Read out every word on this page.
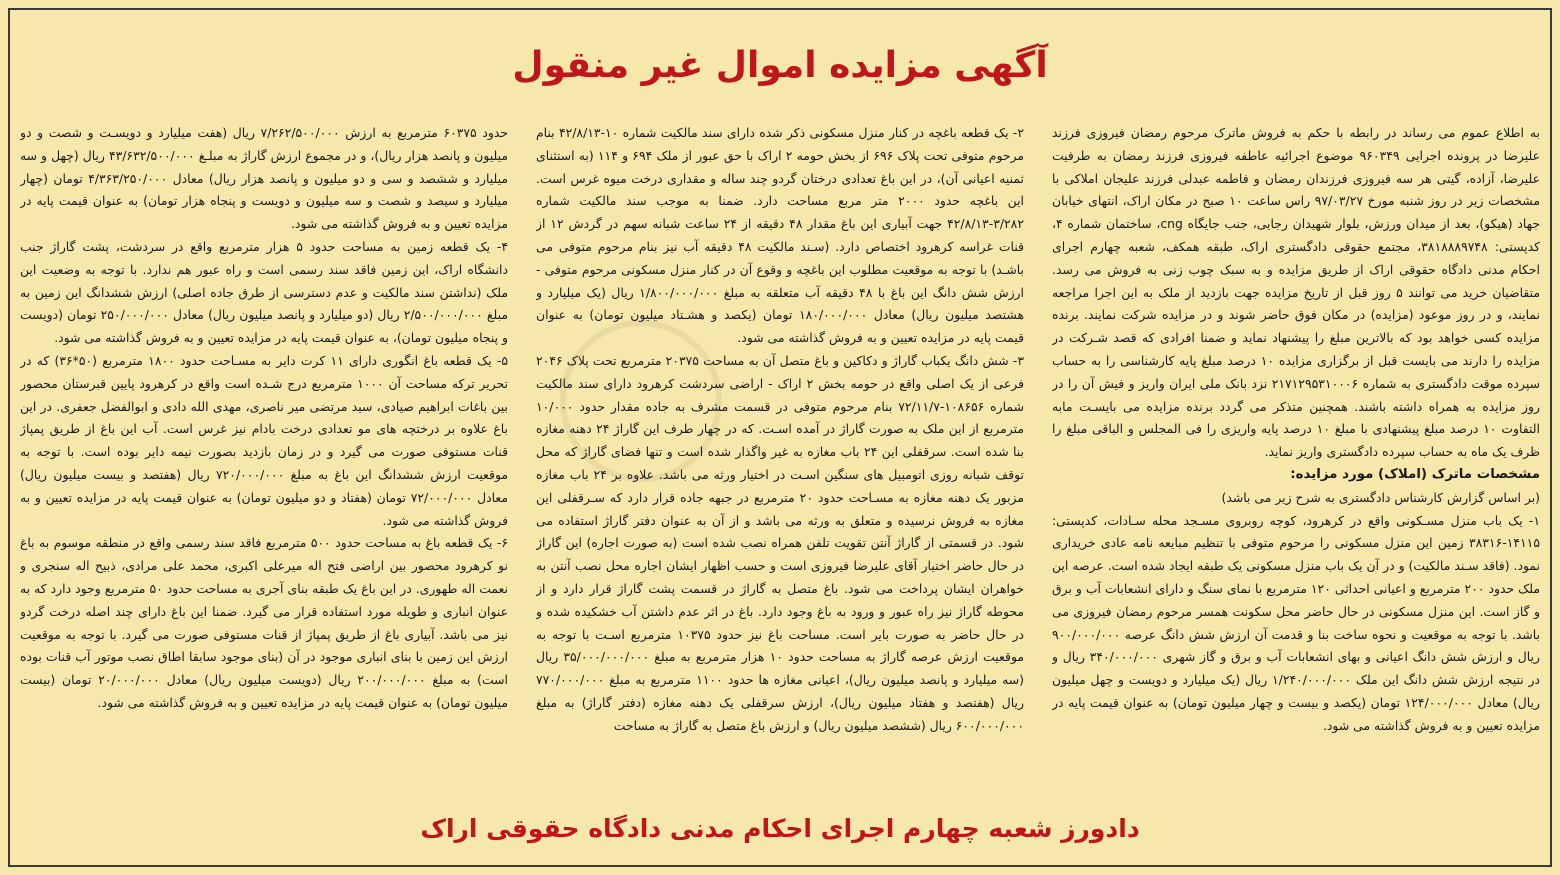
آگهی مزایده اموال غیر منقول

به اطلاع عموم می رساند در رابطه با حکم به فروش ماترک مرحوم رمضان فیروزی فرزند علیرضا در پرونده اجرایی ۹۶۰۳۴۹ موضوع اجرائیه عاطفه فیروزی فرزند رمضان به طرفیت علیرضا، آزاده، گیتی هر سه فیروزی فرزندان رمضان و فاطمه عبدلی فرزند علیجان املاکی با مشخصات زیر در روز شنبه مورخ ۹۷/۰۳/۲۷ راس ساعت ۱۰ صبح در مکان اراک، انتهای خیابان جهاد (هیکو)، بعد از میدان ورزش، بلوار شهیدان رجایی، جنب جایگاه cng، ساختمان شماره ۴، کدپستی: ۳۸۱۸۸۸۹۷۴۸، مجتمع حقوقی دادگستری اراک، طبقه همکف، شعبه چهارم اجرای احکام مدنی دادگاه حقوقی اراک از طریق مزایده و به سبک چوب زنی به فروش می رسد. متقاضیان خرید می توانند ۵ روز قبل از تاریخ مزایده جهت بازدید از ملک به این اجرا مراجعه نمایند، و در روز موعود (مزایده) در مکان فوق حاضر شوند و در مزایده شرکت نمایند. برنده مزایده کسی خواهد بود که بالاترین مبلغ را پیشنهاد نماید و ضمنا افرادی که قصد شـرکت در مزایده را دارند می بایست قبل از برگزاری مزایده ۱۰ درصد مبلغ پایه کارشناسی را به حساب سپرده موقت دادگستری به شماره ۲۱۷۱۲۹۵۳۱۰۰۰۶ نزد بانک ملی ایران واریز و فیش آن را در روز مزایده به همراه داشته باشند. همچنین متذکر می گردد برنده مزایده می بایسـت مابه التفاوت ۱۰ درصد مبلغ پیشنهادی با مبلغ ۱۰ درصد پایه واریزی را فی المجلس و الباقی مبلغ را ظرف یک ماه به حساب سپرده دادگستری واریز نماید.

مشخصات ماترک (املاک) مورد مزایده:

(بر اساس گزارش کارشناس دادگستری به شرح زیر می باشد)

۱- یک باب منزل مسـکونی واقع در کرهرود، کوچه روبروی مسـجد محله سـادات، کدپستی: ۱۴۱۱۵-۳۸۳۱۶ زمین این منزل مسکونی را مرحوم متوفی با تنظیم مبایعه نامه عادی خریداری نمود. (فاقد سـند مالکیت) و در آن یک باب منزل مسکونی یک طبقه ایجاد شده است. عرصه این ملک حدود ۲۰۰ مترمربع و اعیانی احداثی ۱۲۰ مترمربع با نمای سنگ و دارای انشعابات آب و برق و گاز است. این منزل مسکونی در حال حاضر محل سکونت همسر مرحوم رمضان فیروزی می باشد. با توجه به موقعیت و نحوه ساخت بنا و قدمت آن ارزش شش دانگ عرصه ۹۰۰/۰۰۰/۰۰۰ ریال و ارزش شش دانگ اعیانی و بهای انشعابات آب و برق و گاز شهری ۳۴۰/۰۰۰/۰۰۰ ریال و در نتیجه ارزش شش دانگ این ملک ۱/۲۴۰/۰۰۰/۰۰۰ ریال (یک میلیارد و دویست و چهل میلیون ریال) معادل ۱۲۴/۰۰۰/۰۰۰ تومان (یکصد و بیست و چهار میلیون تومان) به عنوان قیمت پایه در مزایده تعیین و به فروش گذاشته می شود.

۲- یک قطعه باغچه در کنار منزل مسکونی ذکر شده دارای سند مالکیت شماره ۱۰-۴۲/۸/۱۳ بنام مرحوم متوفی تحت پلاک ۶۹۶ از بخش حومه ۲ اراک با حق عبور از ملک ۶۹۴ و ۱۱۴ (به استثنای ثمنیه اعیانی آن)، در این باغ تعدادی درختان گردو چند ساله و مقداری درخت میوه غرس است. این باغچه حدود ۲۰۰۰ متر مربع مساحت دارد. ضمنا به موجب سند مالکیت شماره ۳/۲۸۲-۴۲/۸/۱۳ جهت آبیاری این باغ مقدار ۴۸ دقیقه از ۲۴ ساعت شبانه سهم در گردش ۱۲ از قنات غراسه کرهرود اختصاص دارد. (سـند مالکیت ۴۸ دقیقه آب نیز بنام مرحوم متوفی می باشـد) با توجه به موقعیت مطلوب این باغچه و وقوع آن در کنار منزل مسکونی مرحوم متوفی - ارزش شش دانگ این باغ با ۴۸ دقیقه آب متعلقه به مبلغ ۱/۸۰۰/۰۰۰/۰۰۰ ریال (یک میلیارد و هشتصد میلیون ریال) معادل ۱۸۰/۰۰۰/۰۰۰ تومان (یکصد و هشـتاد میلیون تومان) به عنوان قیمت پایه در مزایده تعیین و به فروش گذاشته می شود.

۳- شش دانگ یکباب گاراژ و دکاکین و باغ متصل آن به مساحت ۲۰۳۷۵ مترمربع تحت پلاک ۲۰۴۶ فرعی از یک اصلی واقع در حومه بخش ۲ اراک - اراضی سردشت کرهرود دارای سند مالکیت شماره ۱۰۸۶۵۶-۷۲/۱۱/۷ بنام مرحوم متوفی در قسمت مشرف به جاده مقدار حدود ۱۰/۰۰۰ مترمربع از این ملک به صورت گاراژ در آمده اسـت. که در چهار طرف این گاراژ ۲۴ دهنه مغازه بنا شده است. سرقفلی این ۲۴ باب مغازه به غیر واگذار شده است و تنها فضای گاراژ که محل توقف شبانه روزی اتومبیل های سنگین اسـت در اختیار ورثه می باشد. علاوه بر ۲۴ باب مغازه مزبور یک دهنه مغازه به مسـاحت حدود ۲۰ مترمربع در جبهه جاده قرار دارد که سـرقفلی این مغازه به فروش نرسیده و متعلق به ورثه می باشد و از آن به عنوان دفتر گاراژ استفاده می شود. در قسمتی از گاراژ آنتن تقویت تلفن همراه نصب شده است (به صورت اجاره) این گاراژ در حال حاضر اختیار آقای علیرضا فیروزی است و حسب اظهار ایشان اجاره محل نصب آنتن به خواهران ایشان پرداخت می شود. باغ متصل به گاراژ در قسمت پشت گاراژ قرار دارد و از محوطه گاراژ نیز راه عبور و ورود به باغ وجود دارد. باغ در اثر عدم داشتن آب خشکیده شده و در حال حاضر به صورت بایر است. مساحت باغ نیز حدود ۱۰۳۷۵ مترمربع اسـت با توجه به موقعیت ارزش عرصه گاراژ به مساحت حدود ۱۰ هزار مترمربع به مبلغ ۳۵/۰۰۰/۰۰۰/۰۰۰ ریال (سه میلیارد و پانصد میلیون ریال)، اعیانی مغازه ها حدود ۱۱۰۰ مترمربع به مبلغ ۷۷۰/۰۰۰/۰۰۰ ریال (هفتصد و هفتاد میلیون ریال)، ارزش سرقفلی یک دهنه مغازه (دفتر گاراژ) به مبلغ ۶۰۰/۰۰۰/۰۰۰ ریال (ششصد میلیون ریال) و ارزش باغ متصل به گاراژ به مساحت

حدود ۶۰۳۷۵ مترمربع به ارزش ۷/۲۶۲/۵۰۰/۰۰۰ ریال (هفت میلیارد و دویسـت و شصت و دو میلیون و پانصد هزار ریال)، و در مجموع ارزش گاراژ به مبلـغ ۴۳/۶۳۲/۵۰۰/۰۰۰ ریال (چهل و سه میلیارد و ششصد و سی و دو میلیون و پانصد هزار ریال) معادل ۴/۳۶۳/۲۵۰/۰۰۰ تومان (چهار میلیارد و سیصد و شصت و سه میلیون و دویست و پنجاه هزار تومان) به عنوان قیمت پایه در مزایده تعیین و به فروش گذاشته می شود.

۴- یک قطعه زمین به مساحت حدود ۵ هزار مترمربع واقع در سردشت، پشت گاراژ جنب دانشگاه اراک، این زمین فاقد سند رسمی است و راه عبور هم ندارد. با توجه به وضعیت این ملک (نداشتن سند مالکیت و عدم دسترسی از طرق جاده اصلی) ارزش ششدانگ این زمین به مبلغ ۲/۵۰۰/۰۰۰/۰۰۰ ریال (دو میلیارد و پانصد میلیون ریال) معادل ۲۵۰/۰۰۰/۰۰۰ تومان (دویست و پنجاه میلیون تومان)، به عنوان قیمت پایه در مزایده تعیین و به فروش گذاشته می شود.

۵- یک قطعه باغ انگوری دارای ۱۱ کرت دایر به مسـاحت حدود ۱۸۰۰ مترمربع (۵۰*۳۶) که در تحریر ترکه مساحت آن ۱۰۰۰ مترمربع درج شـده است واقع در کرهرود پایین قبرستان محصور بین باغات ابراهیم صیادی، سید مرتضی میر ناصری، مهدی الله دادی و ابوالفضل جعفری. در این باغ علاوه بر درختچه های مو تعدادی درخت بادام نیز غرس است. آب این باغ از طریق پمپاژ قنات مستوفی صورت می گیرد و در زمان بازدید بصورت نیمه دایر بوده است. با توجه به موقعیت ارزش ششدانگ این باغ به مبلغ ۷۲۰/۰۰۰/۰۰۰ ریال (هفتصد و بیست میلیون ریال) معادل ۷۲/۰۰۰/۰۰۰ تومان (هفتاد و دو میلیون تومان) به عنوان قیمت پایه در مزایده تعیین و به فروش گذاشته می شود.

۶- یک قطعه باغ به مساحت حدود ۵۰۰ مترمربع فاقد سند رسمی واقع در منطقه موسوم به باغ نو کرهرود محصور بین اراضی فتح اله میرعلی اکبری، محمد علی مرادی، ذبیح اله سنجری و نعمت اله طهوری. در این باغ یک طبقه بنای آجری به مساحت حدود ۵۰ مترمربع وجود دارد که به عنوان انباری و طویله مورد استفاده قرار می گیرد. ضمنا این باغ دارای چند اصله درخت گردو نیز می باشد. آبیاری باغ از طریق پمپاژ از قنات مستوفی صورت می گیرد. با توجه به موقعیت ارزش این زمین با بنای انباری موجود در آن (بنای موجود سابقا اطاق نصب موتور آب قنات بوده است) به مبلغ ۲۰۰/۰۰۰/۰۰۰ ریال (دویست میلیون ریال) معادل ۲۰/۰۰۰/۰۰۰ تومان (بیست میلیون تومان) به عنوان قیمت پایه در مزایده تعیین و به فروش گذاشته می شود.

دادورز شعبه چهارم اجرای احکام مدنی دادگاه حقوقی اراک
